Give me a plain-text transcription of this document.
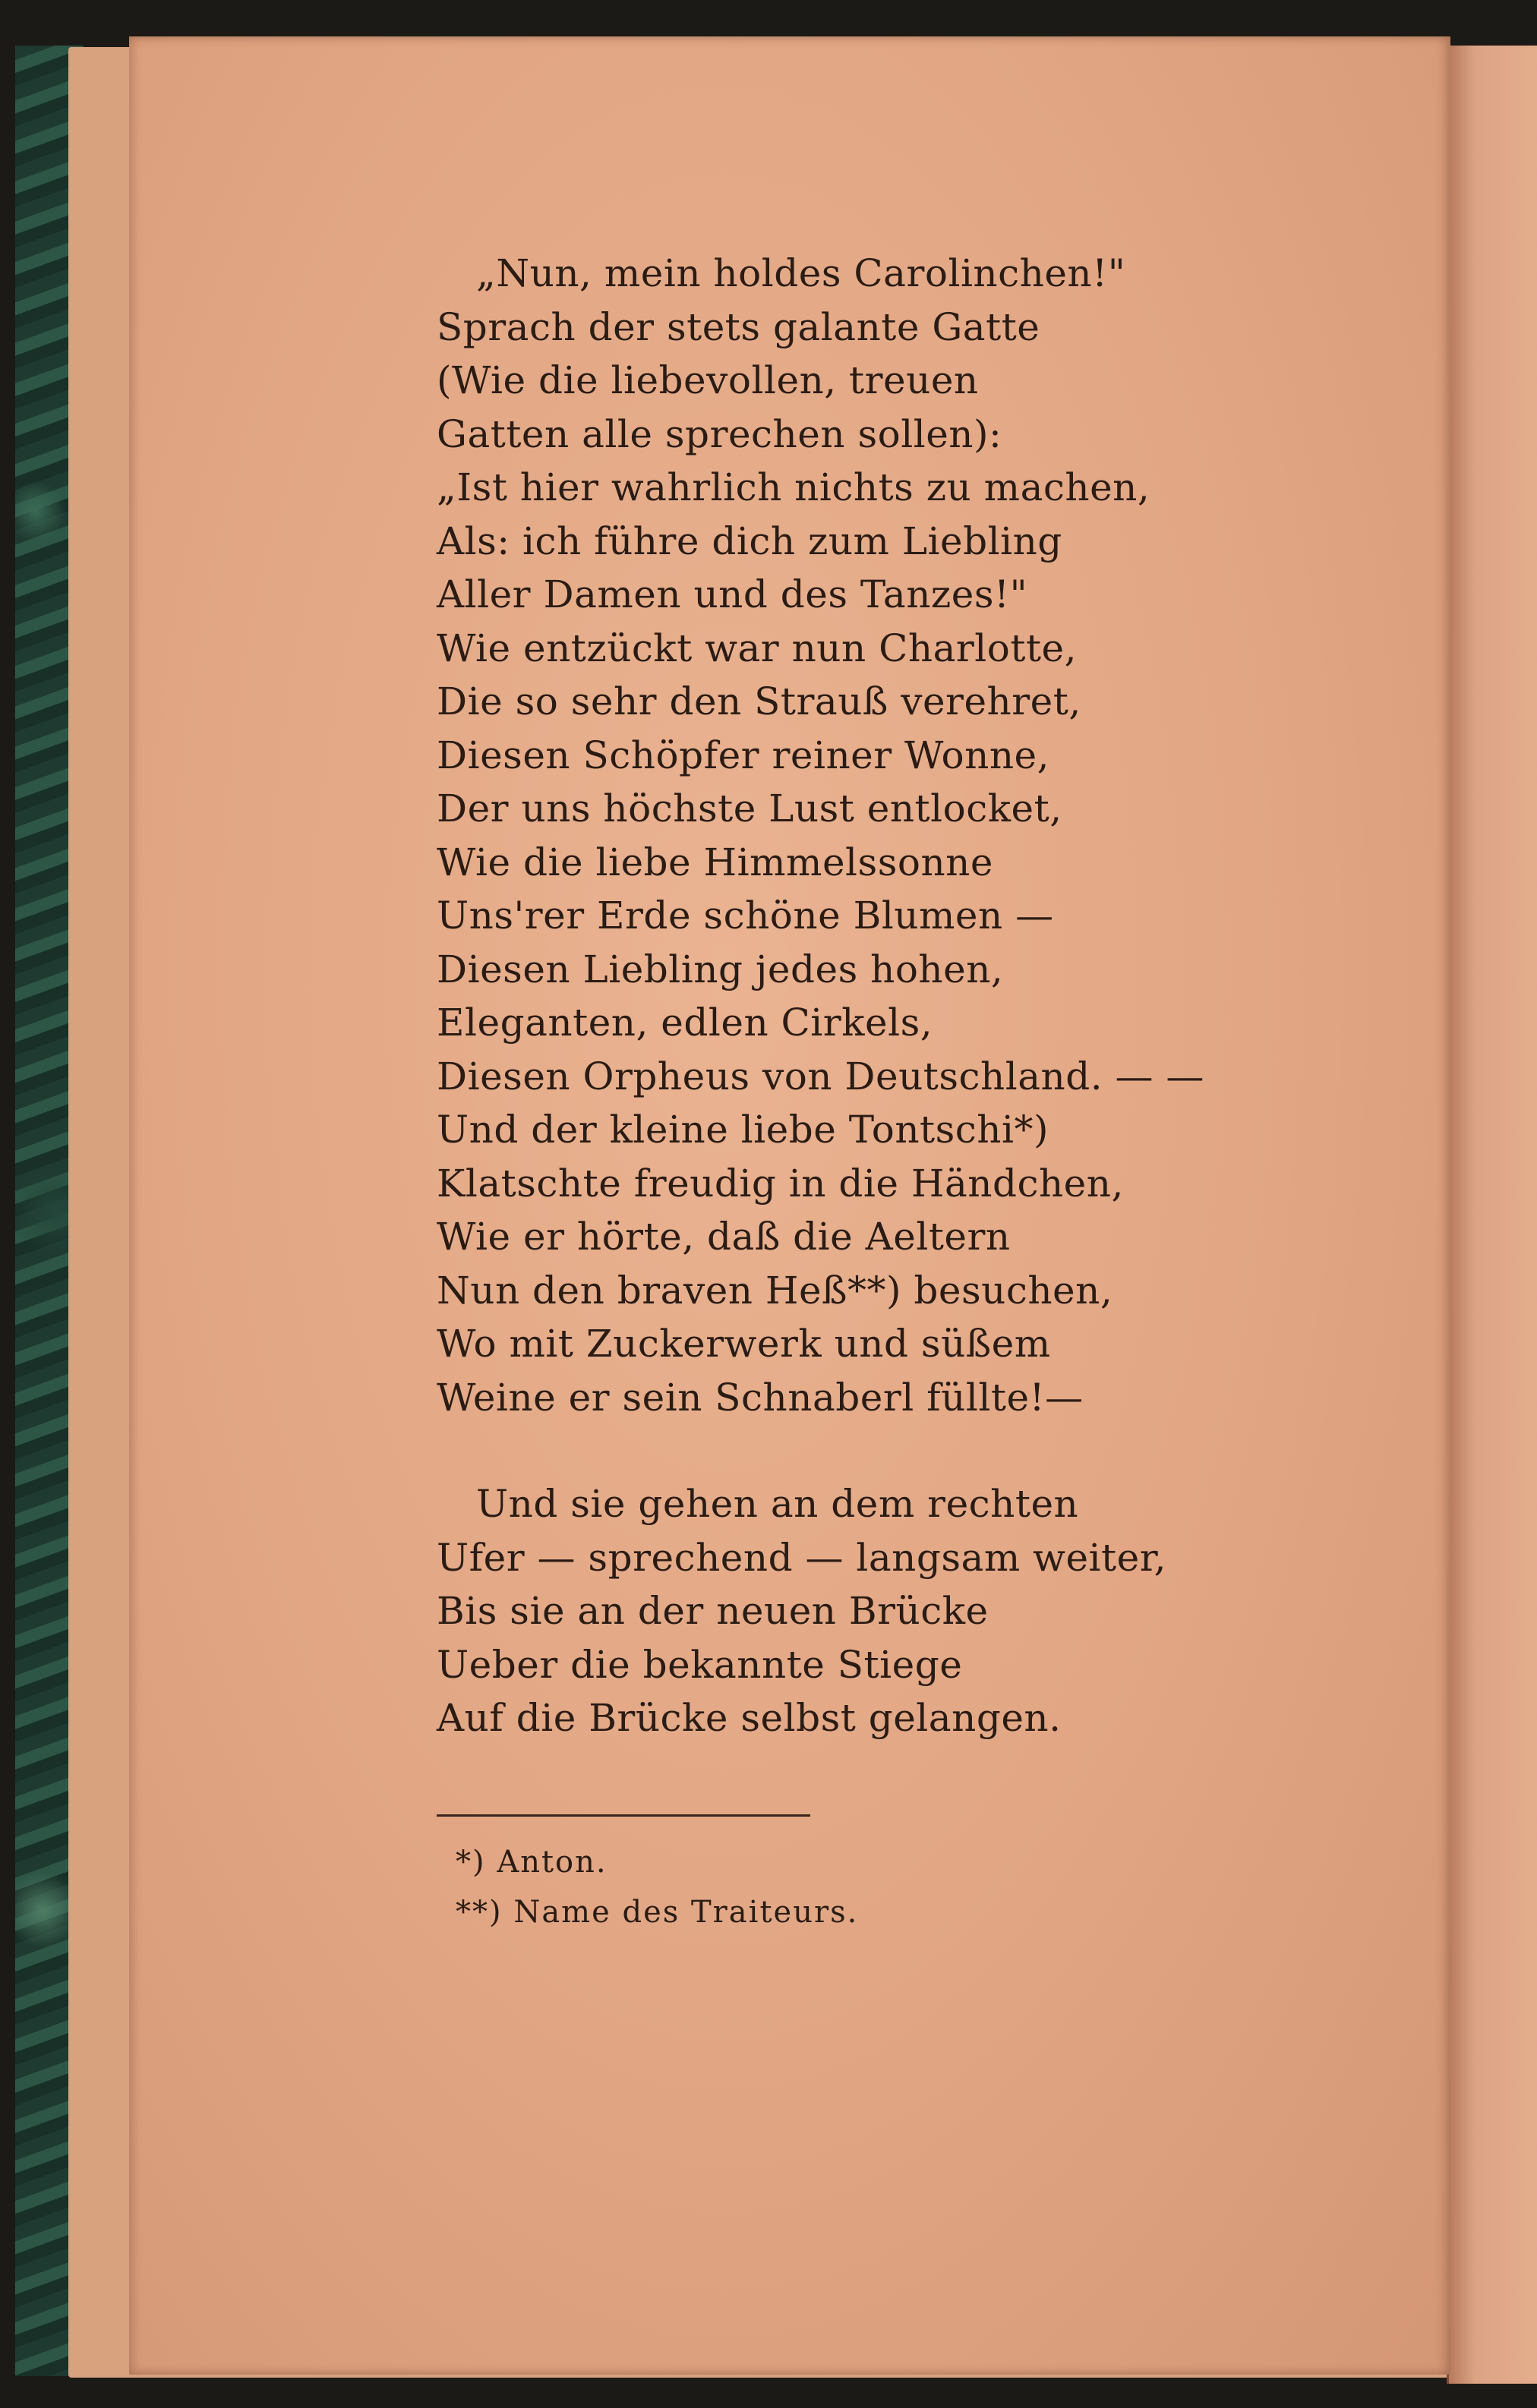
„Nun, mein holdes Carolinchen!"
Sprach der stets galante Gatte
(Wie die liebevollen, treuen
Gatten alle sprechen sollen):
„Ist hier wahrlich nichts zu machen,
Als: ich führe dich zum Liebling
Aller Damen und des Tanzes!"
Wie entzückt war nun Charlotte,
Die so sehr den Strauß verehret,
Diesen Schöpfer reiner Wonne,
Der uns höchste Lust entlocket,
Wie die liebe Himmelssonne
Uns'rer Erde schöne Blumen —
Diesen Liebling jedes hohen,
Eleganten, edlen Cirkels,
Diesen Orpheus von Deutschland. — —
Und der kleine liebe Tontschi*)
Klatschte freudig in die Händchen,
Wie er hörte, daß die Aeltern
Nun den braven Heß**) besuchen,
Wo mit Zuckerwerk und süßem
Weine er sein Schnaberl füllte!—
Und sie gehen an dem rechten
Ufer — sprechend — langsam weiter,
Bis sie an der neuen Brücke
Ueber die bekannte Stiege
Auf die Brücke selbst gelangen.
*) Anton.
**) Name des Traiteurs.
